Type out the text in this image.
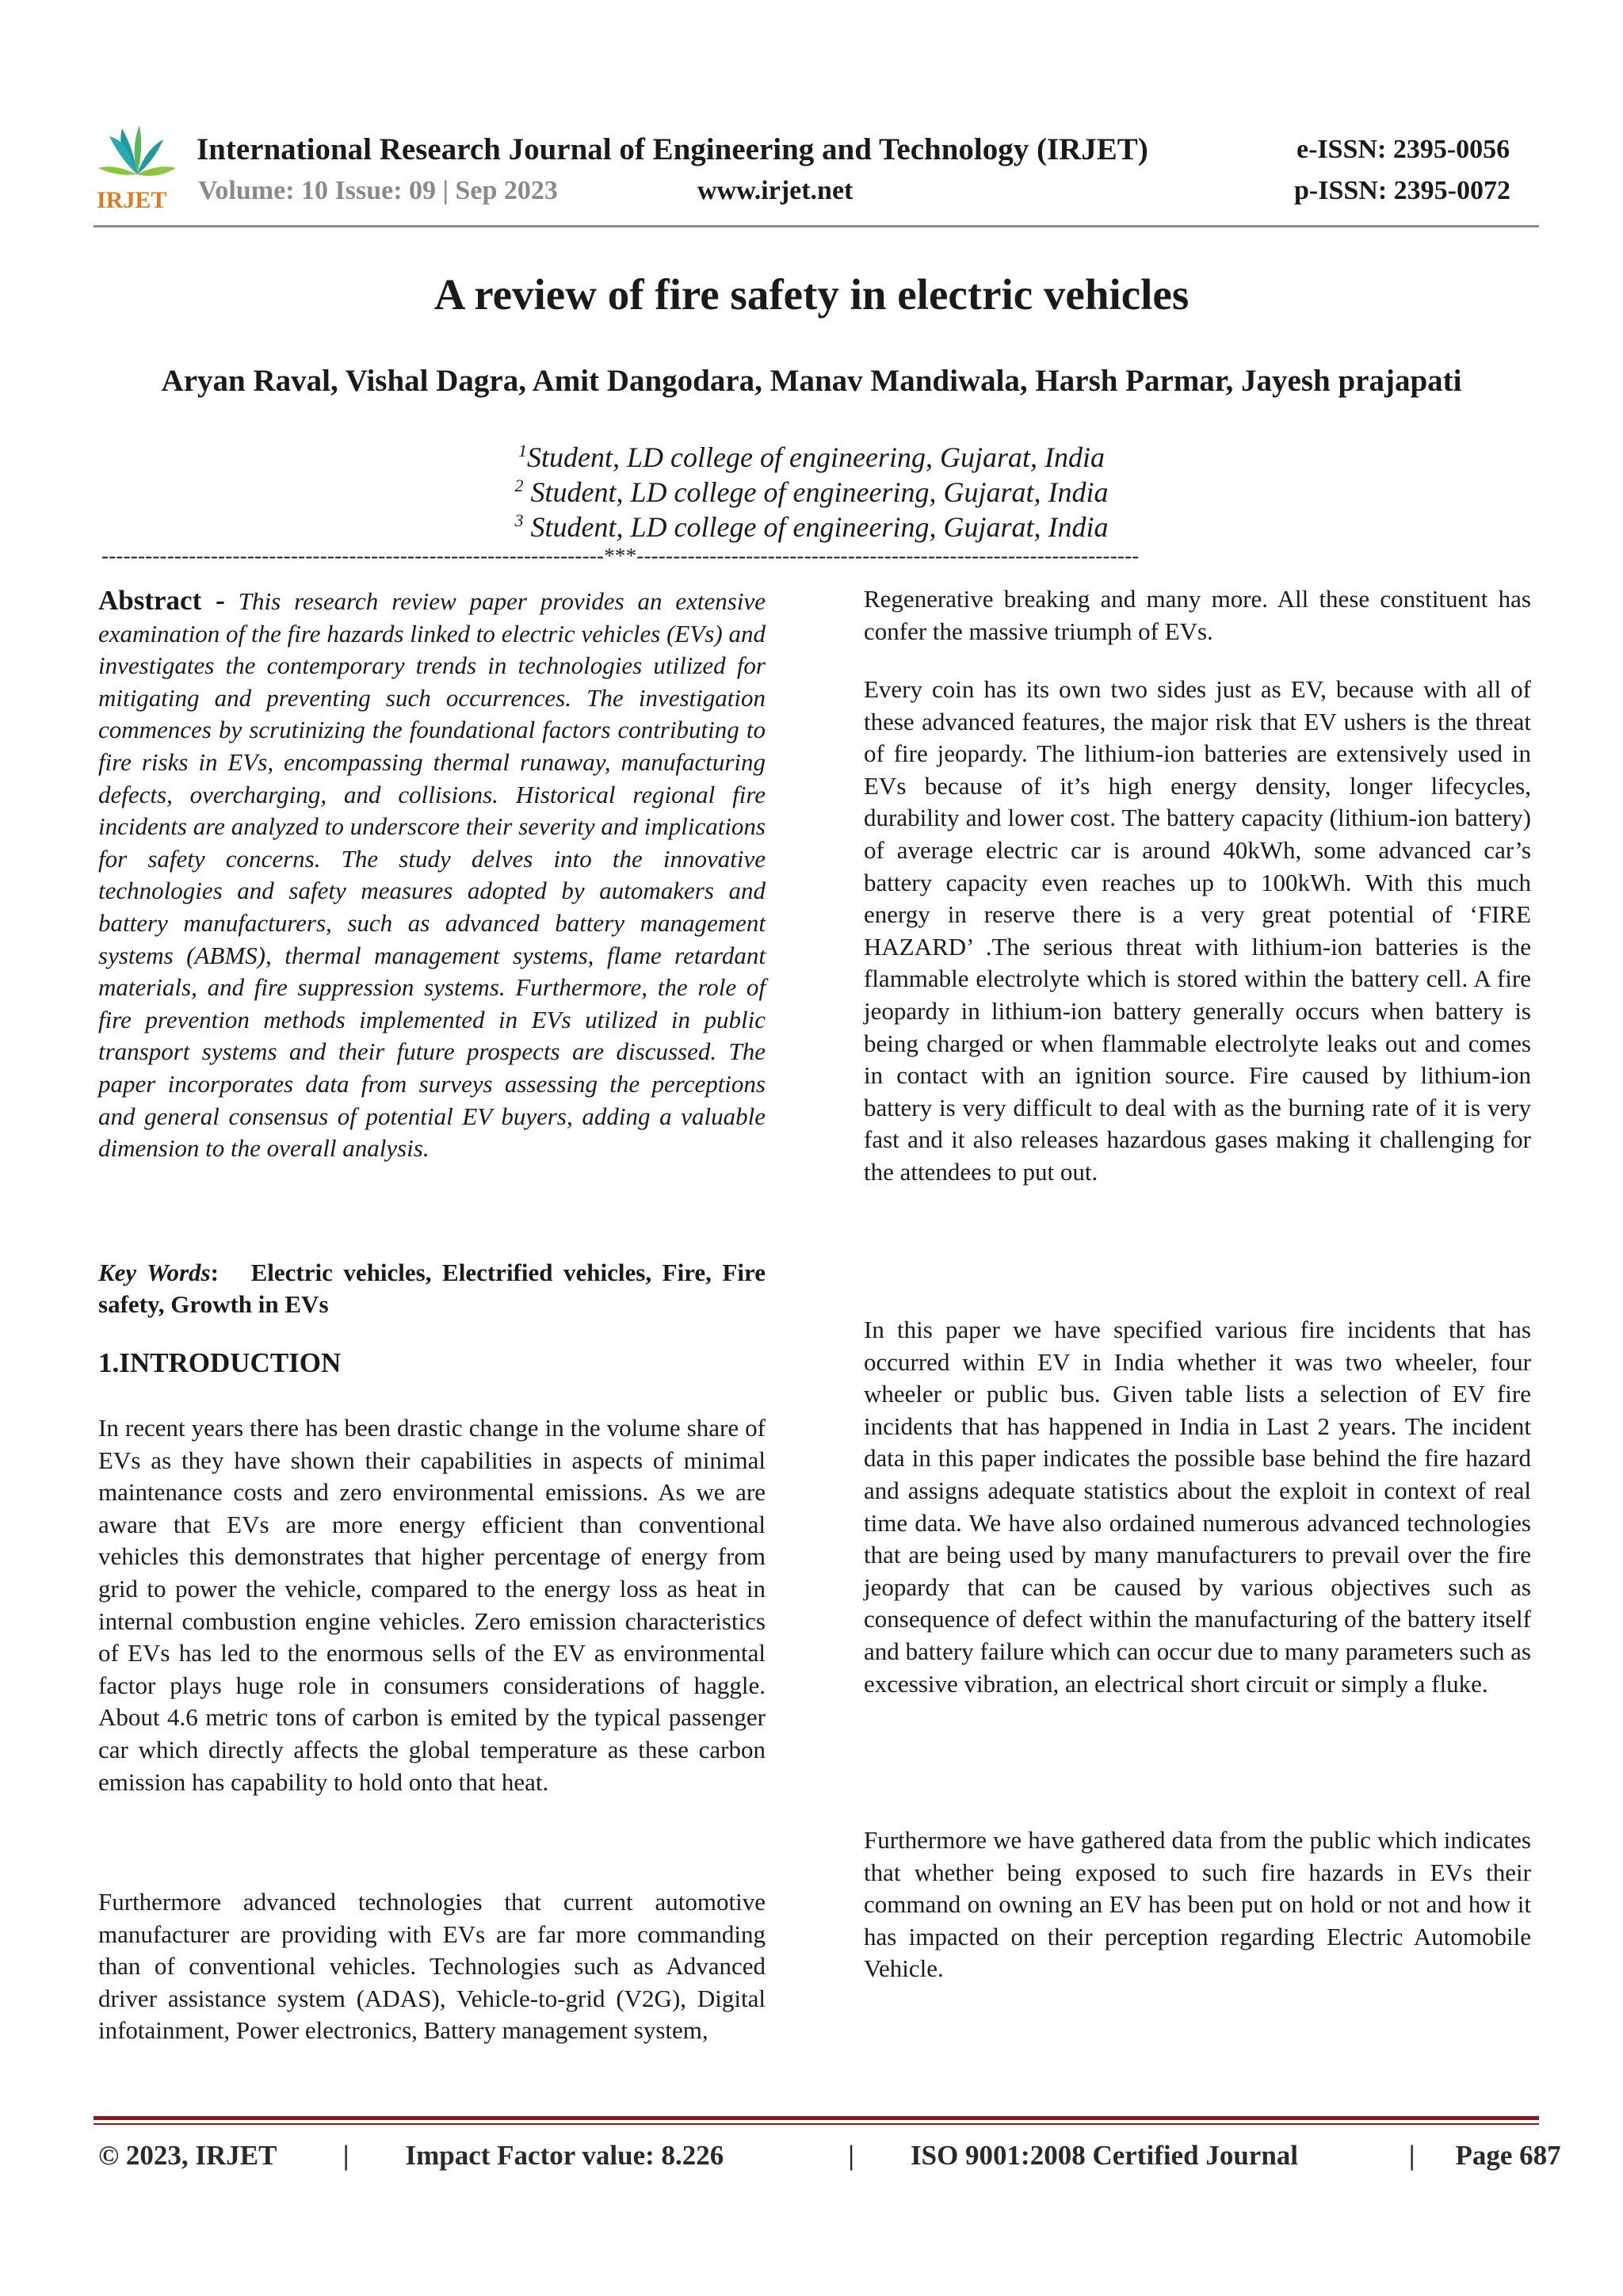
IRJET
International Research Journal of Engineering and Technology (IRJET)	e-ISSN: 2395-0056
Volume: 10 Issue: 09 | Sep 2023	www.irjet.net	p-ISSN: 2395-0072
A review of fire safety in electric vehicles
Aryan Raval, Vishal Dagra, Amit Dangodara, Manav Mandiwala, Harsh Parmar, Jayesh prajapati
$^1$Student, LD college of engineering, Gujarat, India
$^2$ Student, LD college of engineering, Gujarat, India
$^3$ Student, LD college of engineering, Gujarat, India
---------------------------------------------------------------------***---------------------------------------------------------------------

Abstract - This research review paper provides an extensive examination of the fire hazards linked to electric vehicles (EVs) and investigates the contemporary trends in technologies utilized for mitigating and preventing such occurrences. The investigation commences by scrutinizing the foundational factors contributing to fire risks in EVs, encompassing thermal runaway, manufacturing defects, overcharging, and collisions. Historical regional fire incidents are analyzed to underscore their severity and implications for safety concerns. The study delves into the innovative technologies and safety measures adopted by automakers and battery manufacturers, such as advanced battery management systems (ABMS), thermal management systems, flame retardant materials, and fire suppression systems. Furthermore, the role of fire prevention methods implemented in EVs utilized in public transport systems and their future prospects are discussed. The paper incorporates data from surveys assessing the perceptions and general consensus of potential EV buyers, adding a valuable dimension to the overall analysis.

Key Words:   Electric vehicles, Electrified vehicles, Fire, Fire safety, Growth in EVs
1.INTRODUCTION

In recent years there has been drastic change in the volume share of EVs as they have shown their capabilities in aspects of minimal maintenance costs and zero environmental emissions. As we are aware that EVs are more energy efficient than conventional vehicles this demonstrates that higher percentage of energy from grid to power the vehicle, compared to the energy loss as heat in internal combustion engine vehicles. Zero emission characteristics of EVs has led to the enormous sells of the EV as environmental factor plays huge role in consumers considerations of haggle. About 4.6 metric tons of carbon is emited by the typical passenger car which directly affects the global temperature as these carbon emission has capability to hold onto that heat.

Furthermore advanced technologies that current automotive manufacturer are providing with EVs are far more commanding than of conventional vehicles. Technologies such as Advanced driver assistance system (ADAS), Vehicle-to-grid (V2G), Digital infotainment, Power electronics, Battery management system,

Regenerative breaking and many more. All these constituent has confer the massive triumph of EVs.

Every coin has its own two sides just as EV, because with all of these advanced features, the major risk that EV ushers is the threat of fire jeopardy. The lithium-ion batteries are extensively used in EVs because of it’s high energy density, longer lifecycles, durability and lower cost. The battery capacity (lithium-ion battery) of average electric car is around 40kWh, some advanced car’s battery capacity even reaches up to 100kWh. With this much energy in reserve there is a very great potential of ‘FIRE HAZARD’ .The serious threat with lithium-ion batteries is the flammable electrolyte which is stored within the battery cell. A fire jeopardy in lithium-ion battery generally occurs when battery is being charged or when flammable electrolyte leaks out and comes in contact with an ignition source. Fire caused by lithium-ion battery is very difficult to deal with as the burning rate of it is very fast and it also releases hazardous gases making it challenging for the attendees to put out.

In this paper we have specified various fire incidents that has occurred within EV in India whether it was two wheeler, four wheeler or public bus. Given table lists a selection of EV fire incidents that has happened in India in Last 2 years. The incident data in this paper indicates the possible base behind the fire hazard and assigns adequate statistics about the exploit in context of real time data. We have also ordained numerous advanced technologies that are being used by many manufacturers to prevail over the fire jeopardy that can be caused by various objectives such as consequence of defect within the manufacturing of the battery itself and battery failure which can occur due to many parameters such as excessive vibration, an electrical short circuit or simply a fluke.

Furthermore we have gathered data from the public which indicates that whether being exposed to such fire hazards in EVs their command on owning an EV has been put on hold or not and how it has impacted on their perception regarding Electric Automobile Vehicle.

© 2023, IRJET | Impact Factor value: 8.226	| ISO 9001:2008 Certified Journal	| Page 687
